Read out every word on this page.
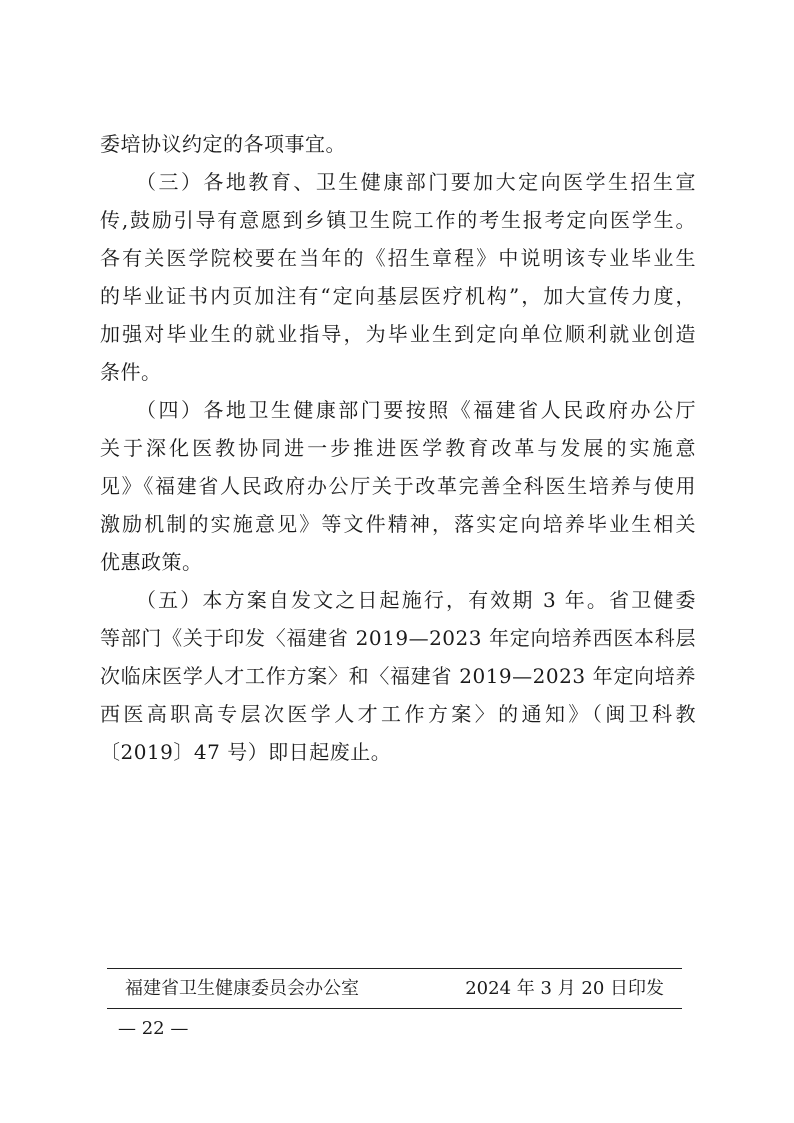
委培协议约定的各项事宜。
（三）各地教育、卫生健康部门要加大定向医学生招生宣
传,鼓励引导有意愿到乡镇卫生院工作的考生报考定向医学生。
各有关医学院校要在当年的《招生章程》中说明该专业毕业生
的毕业证书内页加注有“定向基层医疗机构”，加大宣传力度，
加强对毕业生的就业指导，为毕业生到定向单位顺利就业创造
条件。
（四）各地卫生健康部门要按照《福建省人民政府办公厅
关于深化医教协同进一步推进医学教育改革与发展的实施意
见》《福建省人民政府办公厅关于改革完善全科医生培养与使用
激励机制的实施意见》等文件精神，落实定向培养毕业生相关
优惠政策。
（五）本方案自发文之日起施行，有效期 3 年。省卫健委
等部门《关于印发〈福建省 2019—2023 年定向培养西医本科层
次临床医学人才工作方案〉和〈福建省 2019—2023 年定向培养
西医高职高专层次医学人才工作方案〉的通知》（闽卫科教
〔2019〕47 号）即日起废止。
福建省卫生健康委员会办公室	2024 年 3 月 20 日印发
— 22 —
